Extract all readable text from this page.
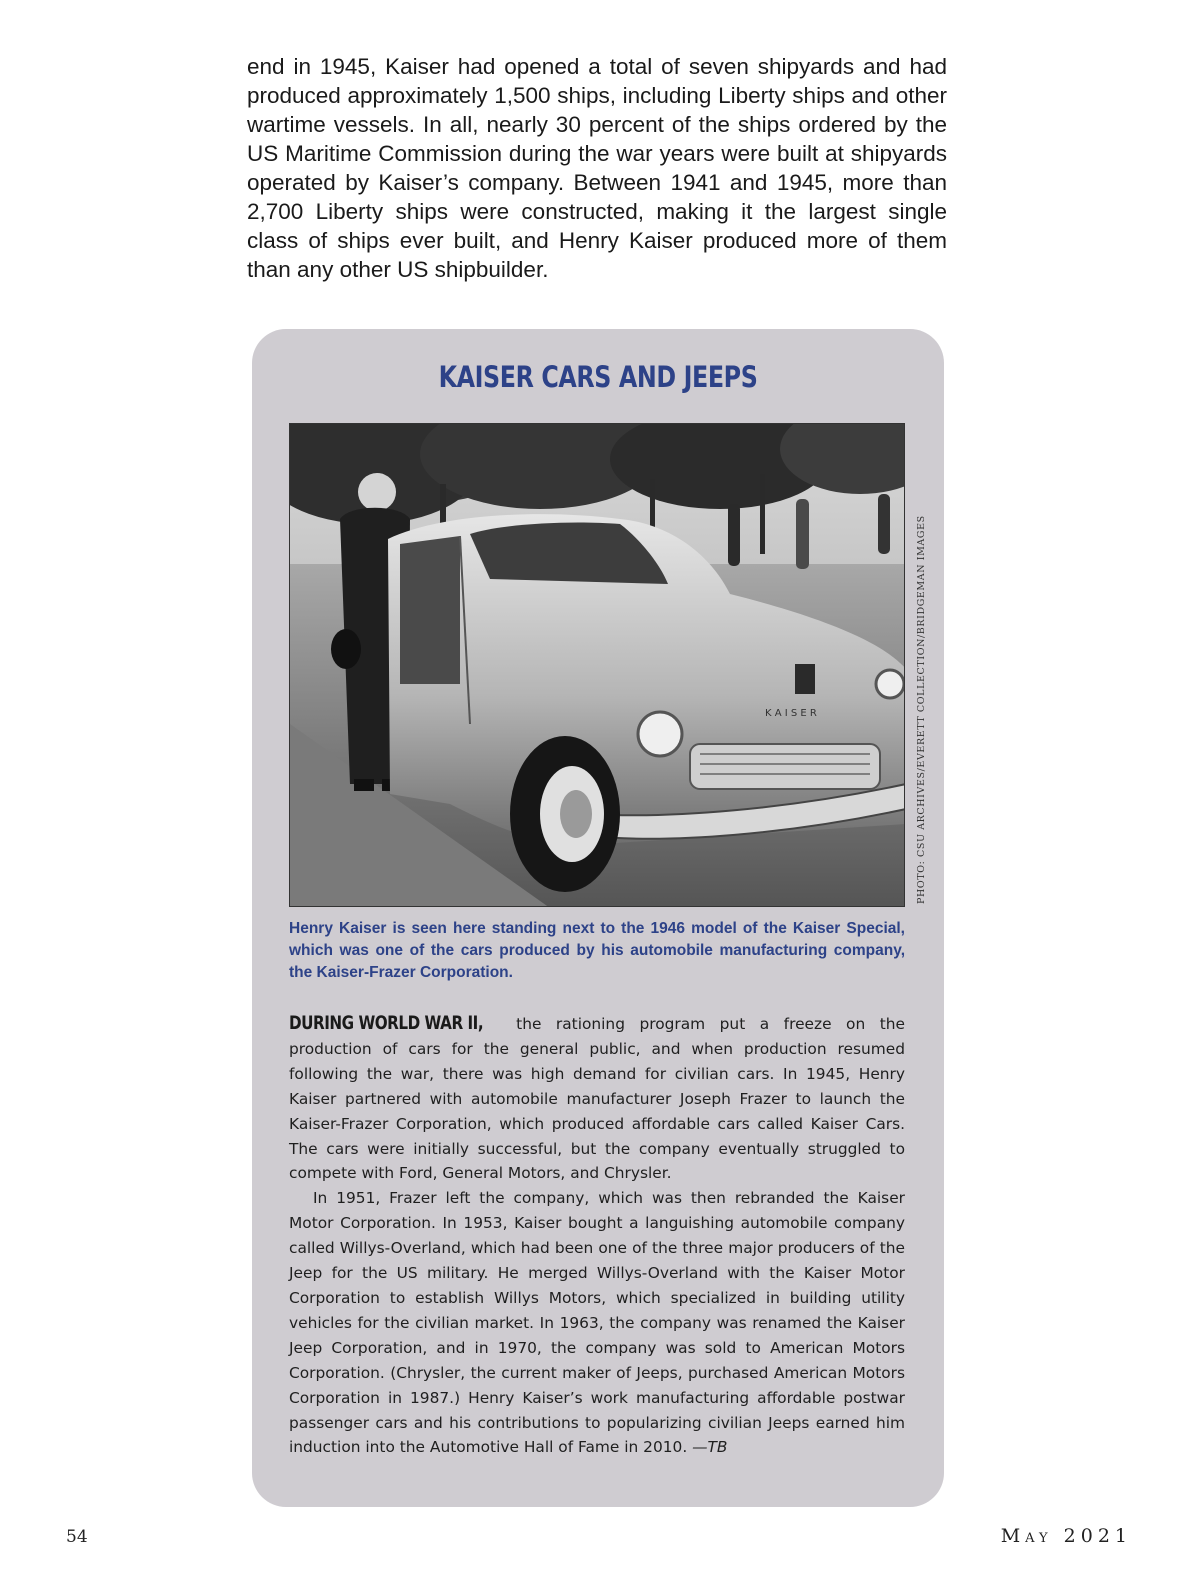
end in 1945, Kaiser had opened a total of seven shipyards and had produced approximately 1,500 ships, including Liberty ships and other wartime vessels. In all, nearly 30 percent of the ships ordered by the US Maritime Commission during the war years were built at shipyards operated by Kaiser’s company. Between 1941 and 1945, more than 2,700 Liberty ships were constructed, making it the largest single class of ships ever built, and Henry Kaiser produced more of them than any other US shipbuilder.

KAISER CARS AND JEEPS
K A I S E R	PHOTO: CSU ARCHIVES/EVERETT COLLECTION/BRIDGEMAN IMAGES

Henry Kaiser is seen here standing next to the 1946 model of the Kaiser Special, which was one of the cars produced by his automobile manufacturing company, the Kaiser-Frazer Corporation.

DURING WORLD WAR II, the rationing program put a freeze on the production of cars for the general public, and when production resumed following the war, there was high demand for civilian cars. In 1945, Henry Kaiser partnered with automobile manufacturer Joseph Frazer to launch the Kaiser-Frazer Corporation, which produced affordable cars called Kaiser Cars. The cars were initially successful, but the company eventually struggled to compete with Ford, General Motors, and Chrysler.

In 1951, Frazer left the company, which was then rebranded the Kaiser Motor Corporation. In 1953, Kaiser bought a languishing automobile company called Willys-Overland, which had been one of the three major producers of the Jeep for the US military. He merged Willys-Overland with the Kaiser Motor Corporation to establish Willys Motors, which specialized in building utility vehicles for the civilian market. In 1963, the company was renamed the Kaiser Jeep Corporation, and in 1970, the company was sold to American Motors Corporation. (Chrysler, the current maker of Jeeps, purchased American Motors Corporation in 1987.) Henry Kaiser’s work manufacturing affordable postwar passenger cars and his contributions to popularizing civilian Jeeps earned him induction into the Automotive Hall of Fame in 2010. —TB

54	May 2021
